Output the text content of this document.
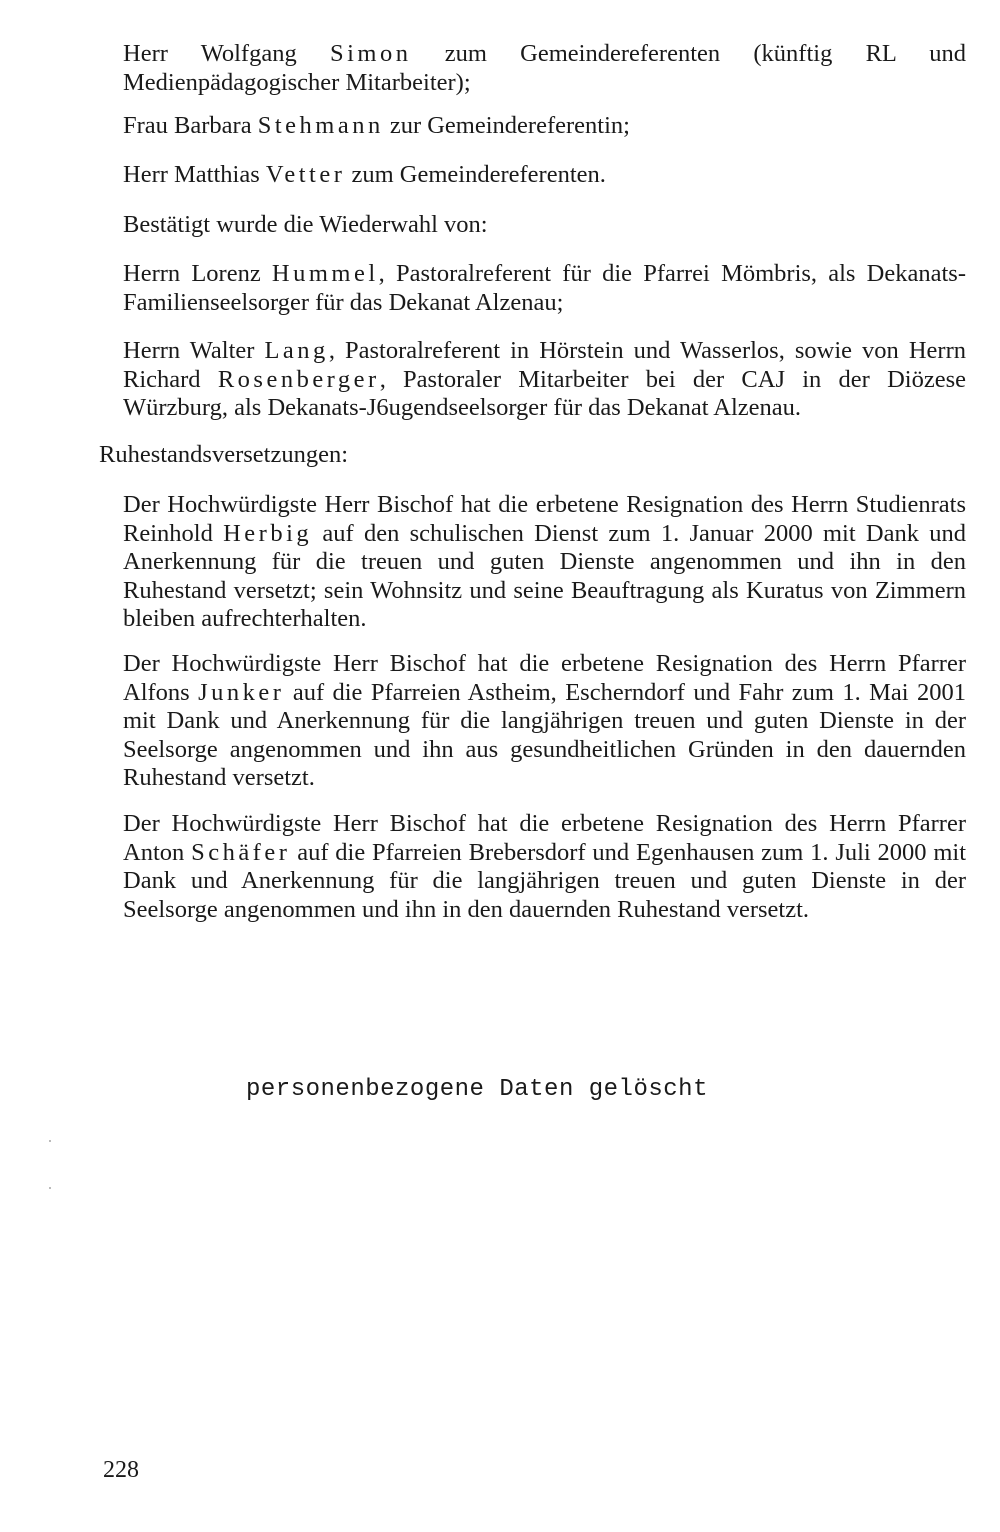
Herr Wolfgang Simon zum Gemeindereferenten (künftig RL und Medienpädagogischer Mitarbeiter);

Frau Barbara Stehmann zur Gemeindereferentin;

Herr Matthias Vetter zum Gemeindereferenten.

Bestätigt wurde die Wiederwahl von:

Herrn Lorenz Hummel, Pastoralreferent für die Pfarrei Mömbris, als Dekanats-Familienseelsorger für das Dekanat Alzenau;

Herrn Walter Lang, Pastoralreferent in Hörstein und Wasserlos, sowie von Herrn Richard Rosenberger, Pastoraler Mitarbeiter bei der CAJ in der Diözese Würzburg, als Dekanats-J6ugendseelsorger für das Dekanat Alzenau.

Ruhestandsversetzungen:

Der Hochwürdigste Herr Bischof hat die erbetene Resignation des Herrn Studienrats Reinhold Herbig auf den schulischen Dienst zum 1. Januar 2000 mit Dank und Anerkennung für die treuen und guten Dienste angenommen und ihn in den Ruhestand versetzt; sein Wohnsitz und seine Beauftragung als Kuratus von Zimmern bleiben aufrechterhalten.

Der Hochwürdigste Herr Bischof hat die erbetene Resignation des Herrn Pfarrer Alfons Junker auf die Pfarreien Astheim, Escherndorf und Fahr zum 1. Mai 2001 mit Dank und Anerkennung für die langjährigen treuen und guten Dienste in der Seelsorge angenommen und ihn aus gesundheitlichen Gründen in den dauernden Ruhestand versetzt.

Der Hochwürdigste Herr Bischof hat die erbetene Resignation des Herrn Pfarrer Anton Schäfer auf die Pfarreien Brebersdorf und Egenhausen zum 1. Juli 2000 mit Dank und Anerkennung für die langjährigen treuen und guten Dienste in der Seelsorge angenommen und ihn in den dauernden Ruhestand versetzt.

personenbezogene Daten gelöscht

228
